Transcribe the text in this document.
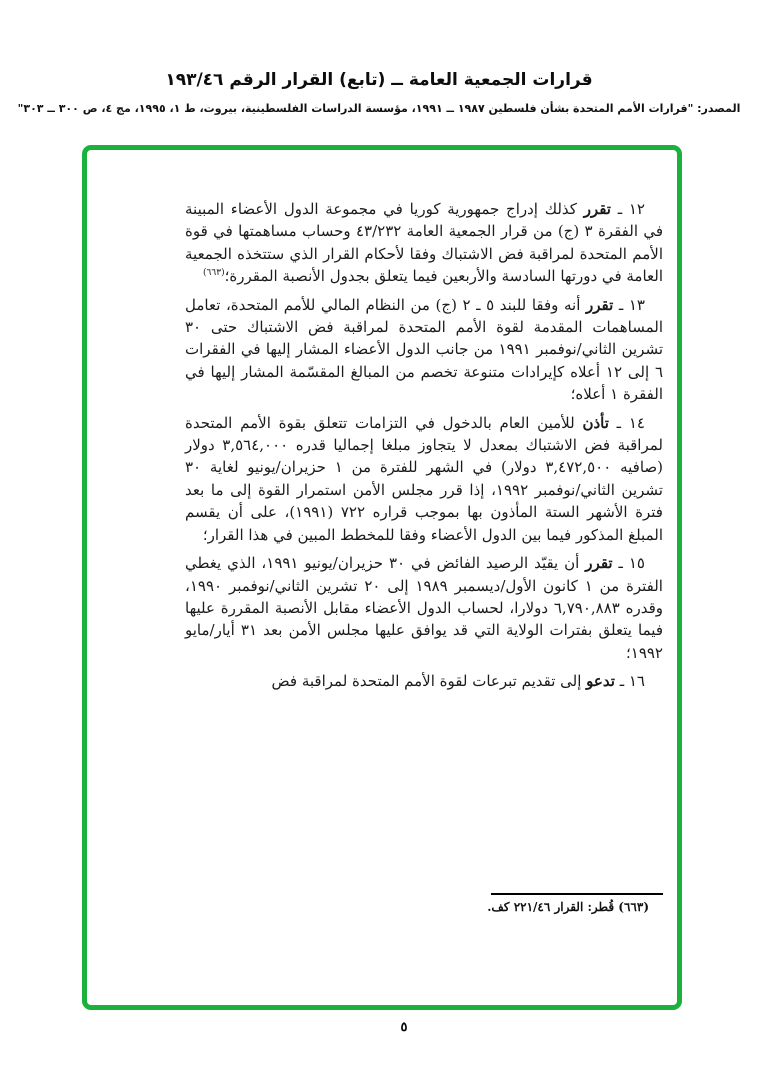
قرارات الجمعية العامة ــ (تابع) القرار الرقم ١٩٣/٤٦
المصدر: "قرارات الأمم المتحدة بشأن فلسطين ١٩٨٧ ــ ١٩٩١، مؤسسة الدراسات الفلسطينية، بيروت، ط ١، ١٩٩٥، مج ٤، ص ٣٠٠ ــ ٣٠٣"

١٢ ـ تقرر كذلك إدراج جمهورية كوريا في مجموعة الدول الأعضاء المبينة في الفقرة ٣ (ج) من قرار الجمعية العامة ٤٣/٢٣٢ وحساب مساهمتها في قوة الأمم المتحدة لمراقبة فض الاشتباك وفقا لأحكام القرار الذي ستتخذه الجمعية العامة في دورتها السادسة والأربعين فيما يتعلق بجدول الأنصبة المقررة؛$^{(٦٦٣)}$

١٣ ـ تقرر أنه وفقا للبند ٥ ـ ٢ (ج) من النظام المالي للأمم المتحدة، تعامل المساهمات المقدمة لقوة الأمم المتحدة لمراقبة فض الاشتباك حتى ٣٠ تشرين الثاني/نوفمبر ١٩٩١ من جانب الدول الأعضاء المشار إليها في الفقرات ٦ إلى ١٢ أعلاه كإيرادات متنوعة تخصم من المبالغ المقسّمة المشار إليها في الفقرة ١ أعلاه؛

١٤ ـ تأذن للأمين العام بالدخول في التزامات تتعلق بقوة الأمم المتحدة لمراقبة فض الاشتباك بمعدل لا يتجاوز مبلغا إجماليا قدره ٣,٥٦٤,٠٠٠ دولار (صافيه ٣,٤٧٢,٥٠٠ دولار) في الشهر للفترة من ١ حزيران/يونيو لغاية ٣٠ تشرين الثاني/نوفمبر ١٩٩٢، إذا قرر مجلس الأمن استمرار القوة إلى ما بعد فترة الأشهر الستة المأذون بها بموجب قراره ٧٢٢ (١٩٩١)، على أن يقسم المبلغ المذكور فيما بين الدول الأعضاء وفقا للمخطط المبين في هذا القرار؛

١٥ ـ تقرر أن يقيّد الرصيد الفائض في ٣٠ حزيران/يونيو ١٩٩١، الذي يغطي الفترة من ١ كانون الأول/ديسمبر ١٩٨٩ إلى ٢٠ تشرين الثاني/نوفمبر ١٩٩٠، وقدره ٦,٧٩٠,٨٨٣ دولارا، لحساب الدول الأعضاء مقابل الأنصبة المقررة عليها فيما يتعلق بفترات الولاية التي قد يوافق عليها مجلس الأمن بعد ٣١ أيار/مايو ١٩٩٢؛

١٦ ـ تدعو إلى تقديم تبرعات لقوة الأمم المتحدة لمراقبة فض

(٦٦٣) قُطر: القرار ٢٢١/٤٦ كف.
٥
